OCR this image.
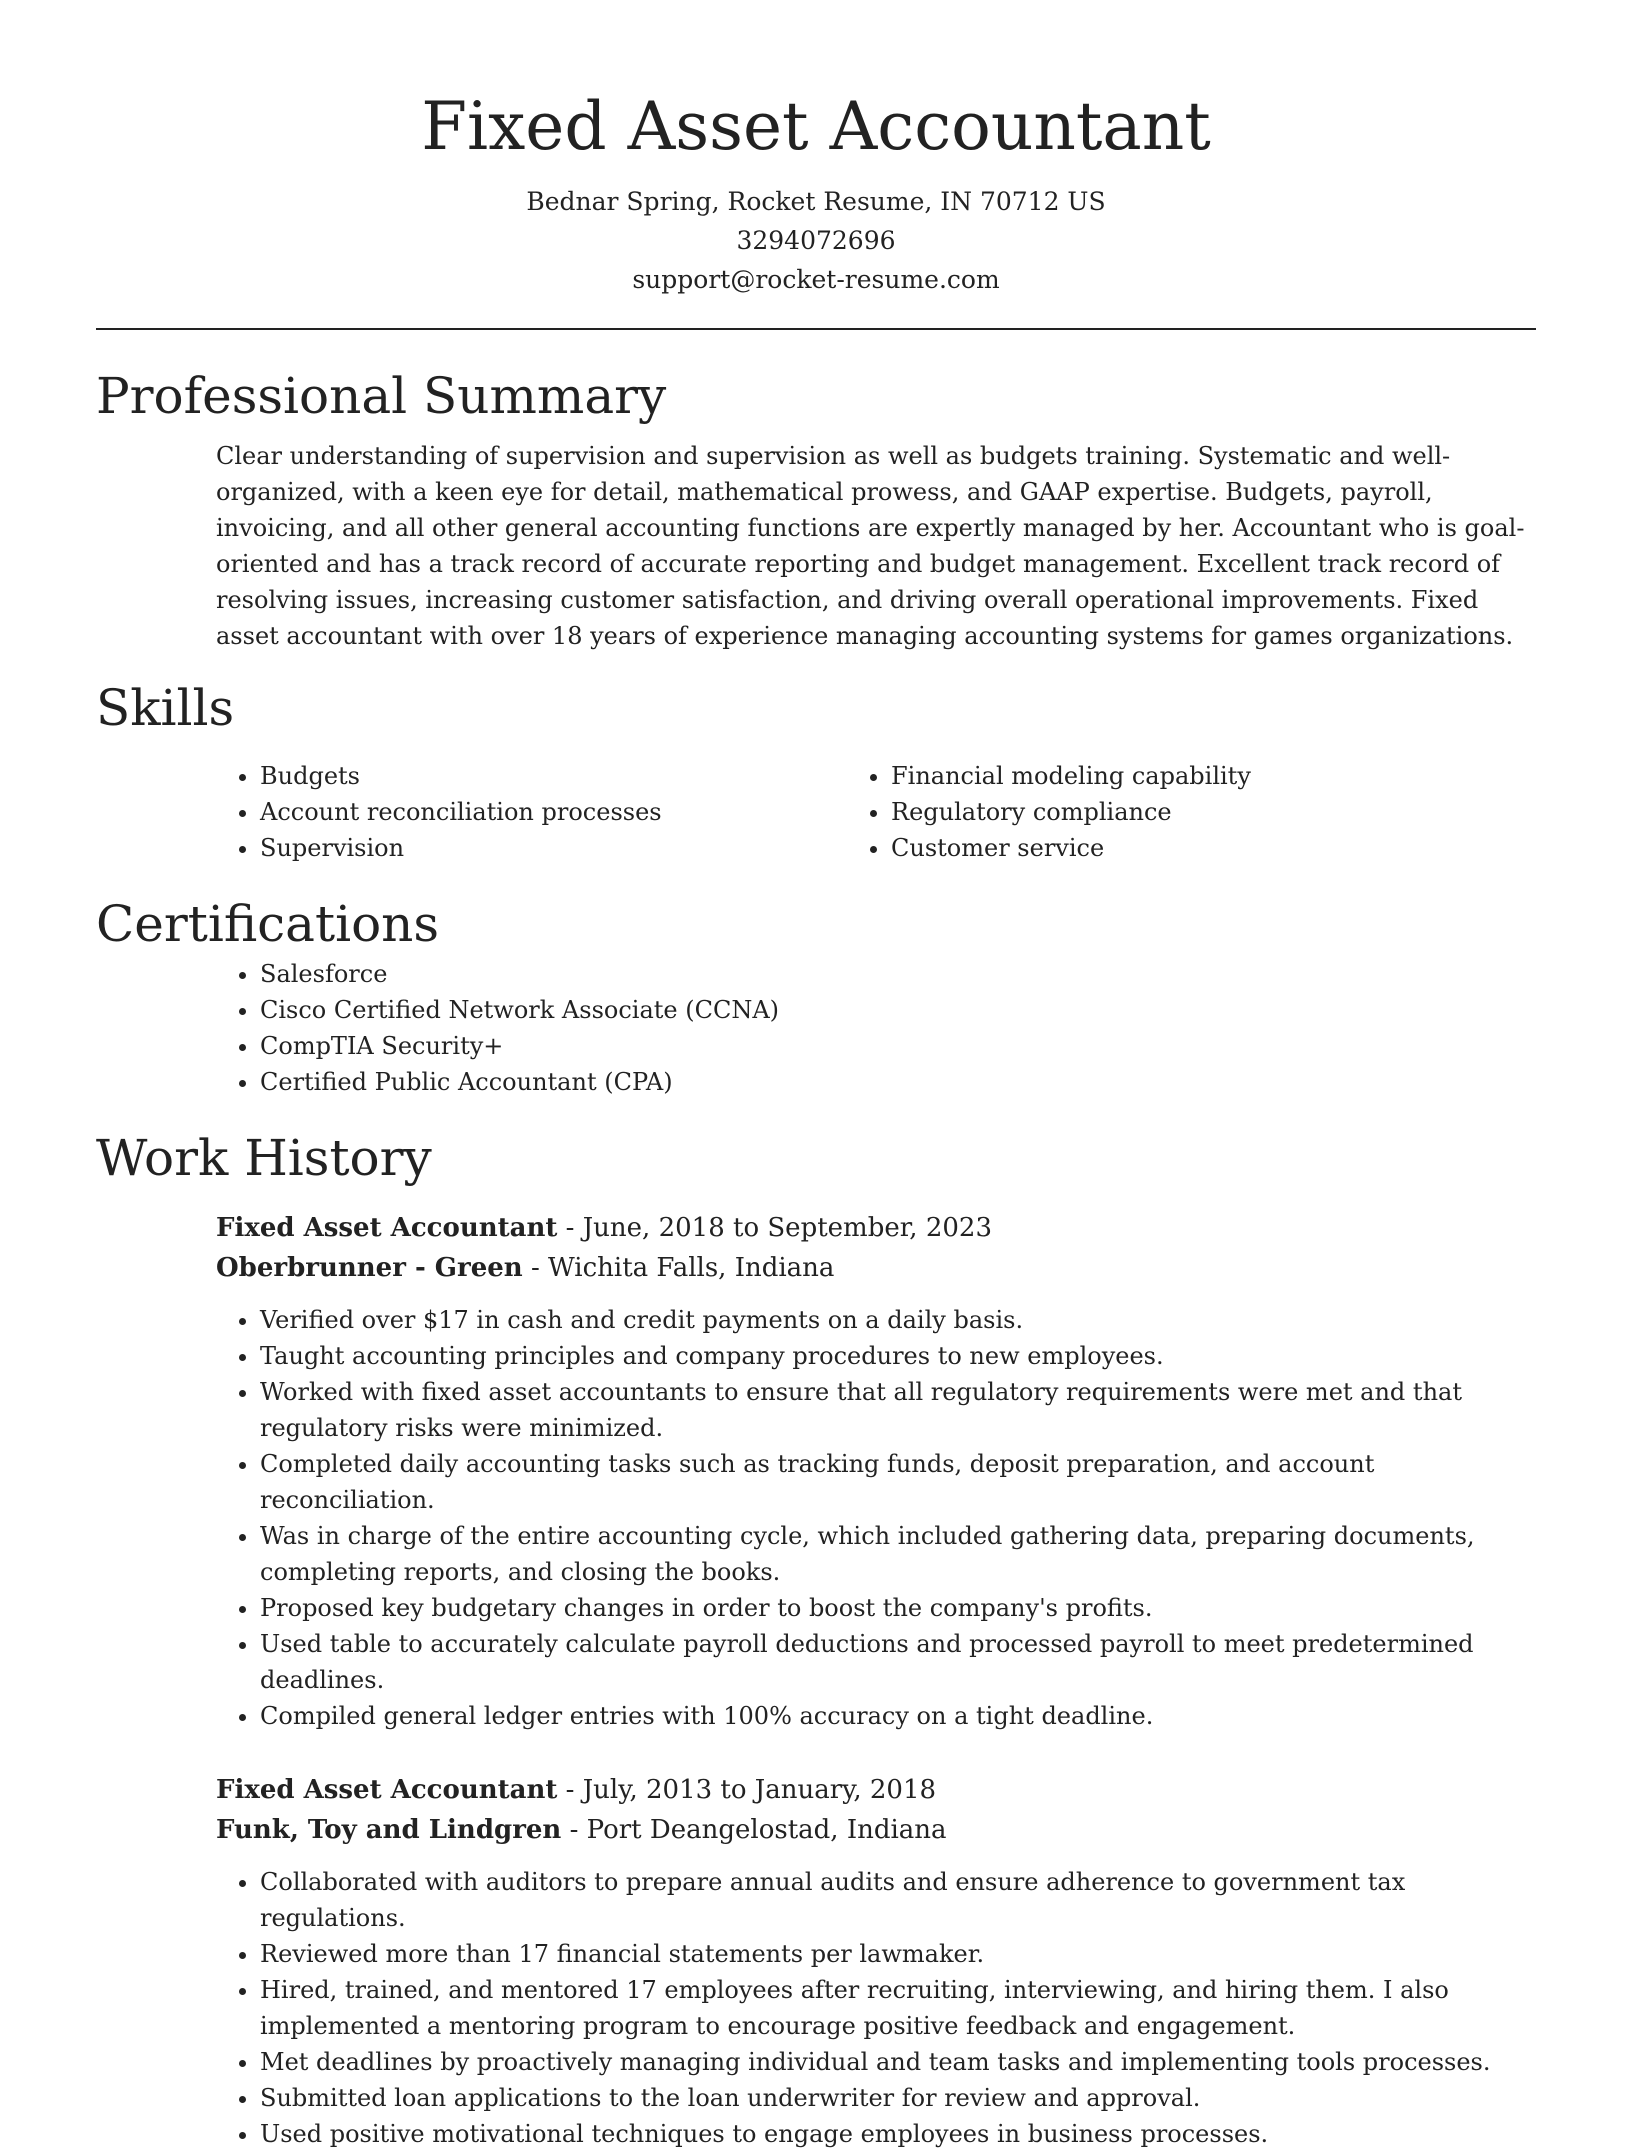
Fixed Asset Accountant
Bednar Spring, Rocket Resume, IN 70712 US
3294072696
support@rocket-resume.com
Professional Summary

Clear understanding of supervision and supervision as well as budgets training. Systematic and well-organized, with a keen eye for detail, mathematical prowess, and GAAP expertise. Budgets, payroll, invoicing, and all other general accounting functions are expertly managed by her. Accountant who is goal-oriented and has a track record of accurate reporting and budget management. Excellent track record of resolving issues, increasing customer satisfaction, and driving overall operational improvements. Fixed asset accountant with over 18 years of experience managing accounting systems for games organizations.

Skills
• Budgets
• Account reconciliation processes
• Supervision
• Financial modeling capability
• Regulatory compliance
• Customer service
Certifications
• Salesforce
• Cisco Certified Network Associate (CCNA)
• CompTIA Security+
• Certified Public Accountant (CPA)
Work History
Fixed Asset Accountant - June, 2018 to September, 2023
Oberbrunner - Green - Wichita Falls, Indiana
• Verified over $17 in cash and credit payments on a daily basis.
• Taught accounting principles and company procedures to new employees.
• Worked with fixed asset accountants to ensure that all regulatory requirements were met and that regulatory risks were minimized.
• Completed daily accounting tasks such as tracking funds, deposit preparation, and account reconciliation.
• Was in charge of the entire accounting cycle, which included gathering data, preparing documents, completing reports, and closing the books.
• Proposed key budgetary changes in order to boost the company's profits.
• Used table to accurately calculate payroll deductions and processed payroll to meet predetermined deadlines.
• Compiled general ledger entries with 100% accuracy on a tight deadline.
Fixed Asset Accountant - July, 2013 to January, 2018
Funk, Toy and Lindgren - Port Deangelostad, Indiana
• Collaborated with auditors to prepare annual audits and ensure adherence to government tax regulations.
• Reviewed more than 17 financial statements per lawmaker.
• Hired, trained, and mentored 17 employees after recruiting, interviewing, and hiring them. I also implemented a mentoring program to encourage positive feedback and engagement.
• Met deadlines by proactively managing individual and team tasks and implementing tools processes.
• Submitted loan applications to the loan underwriter for review and approval.
• Used positive motivational techniques to engage employees in business processes.
